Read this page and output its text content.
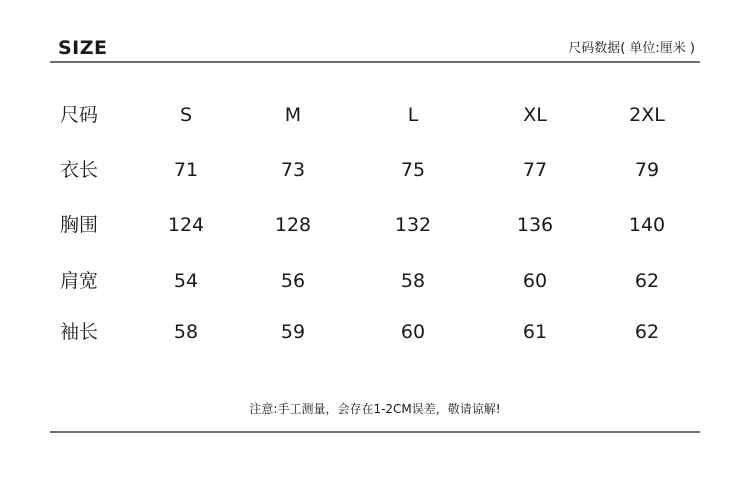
SIZE	尺码数据( 单位:厘米 )
尺码	S	M	L	XL	2XL
衣长	71	73	75	77	79
胸围	124	128	132	136	140
肩宽	54	56	58	60	62
袖长	58	59	60	61	62
注意:手工测量，会存在1-2CM误差，敬请谅解!
